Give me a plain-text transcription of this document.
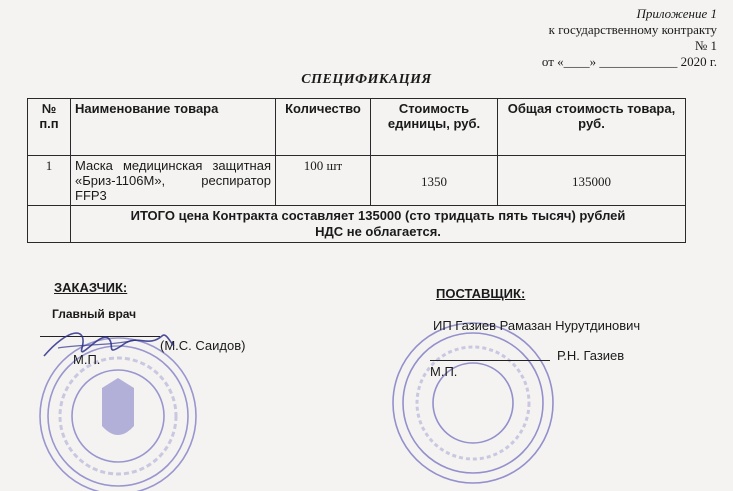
Приложение 1
к государственному контракту
№ 1
от «____» ____________ 2020 г.
СПЕЦИФИКАЦИЯ
№ п.п	Наименование товара	Количество	Стоимость единицы, руб.	Общая стоимость товара, руб.
1	Маска медицинская защитная «Бриз-1106М», респиратор FFP3	100 шт	1350	135000

	ИТОГО цена Контракта составляет 135000 (сто тридцать пять тысяч) рублей
НДС не облагается.			
ЗАКАЗЧИК:
Главный врач
М.П.
(М.С. Саидов)
ПОСТАВЩИК:
ИП Газиев Рамазан Нурутдинович
Р.Н. Газиев
М.П.
